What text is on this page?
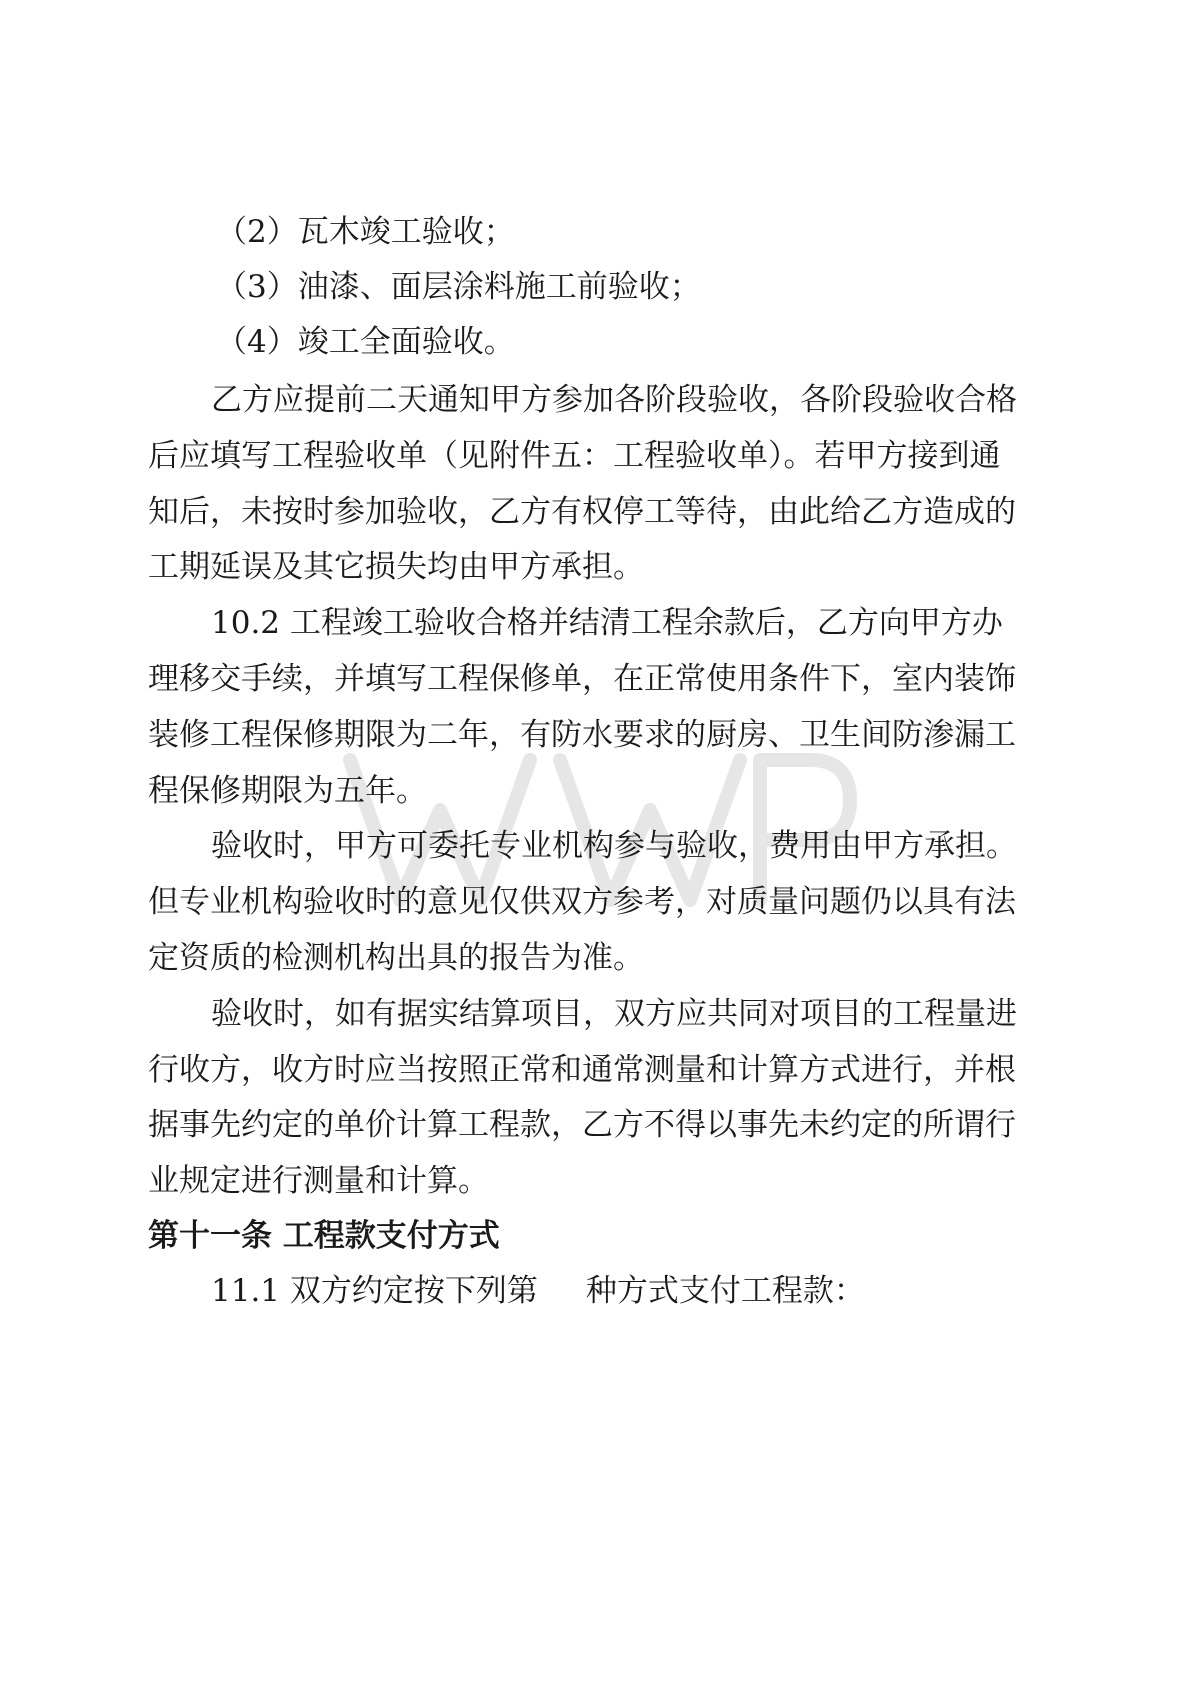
（2）瓦木竣工验收；
（3）油漆、面层涂料施工前验收；
（4）竣工全面验收。
乙方应提前二天通知甲方参加各阶段验收，各阶段验收合格
后应填写工程验收单（见附件五：工程验收单）。若甲方接到通
知后，未按时参加验收，乙方有权停工等待，由此给乙方造成的
工期延误及其它损失均由甲方承担。
10.2 工程竣工验收合格并结清工程余款后，乙方向甲方办
理移交手续，并填写工程保修单，在正常使用条件下，室内装饰
装修工程保修期限为二年，有防水要求的厨房、卫生间防渗漏工
程保修期限为五年。
验收时，甲方可委托专业机构参与验收，费用由甲方承担。
但专业机构验收时的意见仅供双方参考，对质量问题仍以具有法
定资质的检测机构出具的报告为准。
验收时，如有据实结算项目，双方应共同对项目的工程量进
行收方，收方时应当按照正常和通常测量和计算方式进行，并根
据事先约定的单价计算工程款，乙方不得以事先未约定的所谓行
业规定进行测量和计算。
第十一条 工程款支付方式
11.1 双方约定按下列第 种方式支付工程款：
